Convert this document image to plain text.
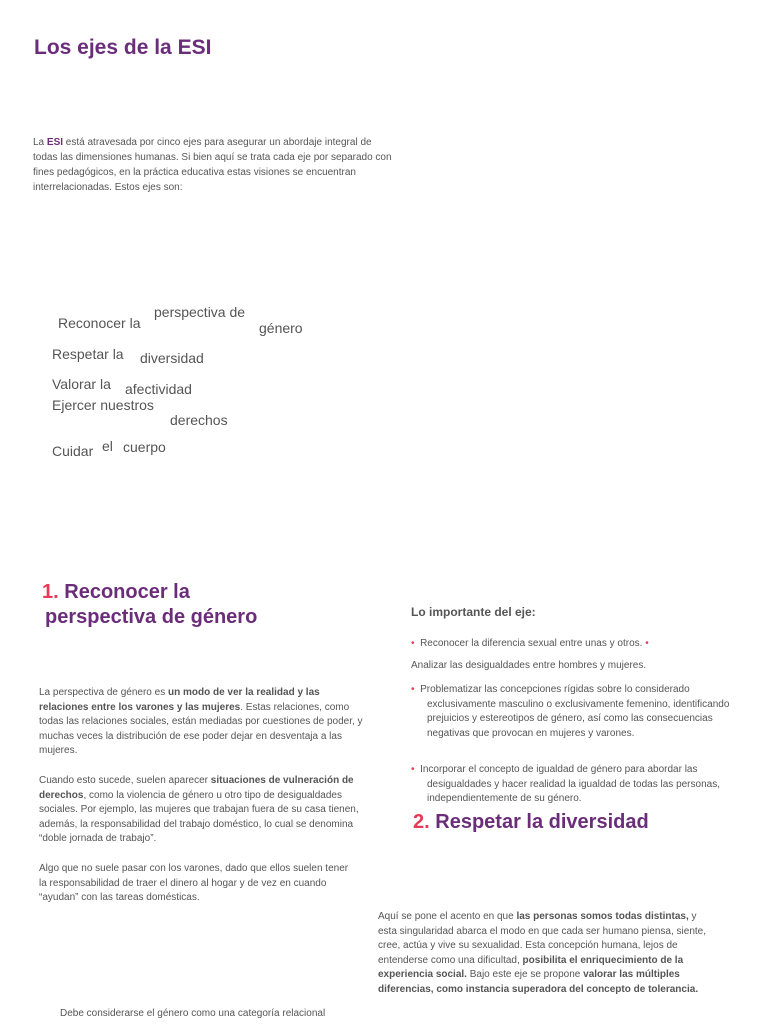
Los ejes de la ESI
La ESI está atravesada por cinco ejes para asegurar un abordaje integral de todas las dimensiones humanas. Si bien aquí se trata cada eje por separado con fines pedagógicos, en la práctica educativa estas visiones se encuentran interrelacionadas. Estos ejes son:
Reconocer la
perspectiva de
género
Respetar la diversidad
Valorar la afectividad
Ejercer nuestros
derechos
Cuidar el cuerpo
1. Reconocer la
perspectiva de género
La perspectiva de género es un modo de ver la realidad y las relaciones entre los varones y las mujeres. Estas relaciones, como todas las relaciones sociales, están mediadas por cuestiones de poder, y muchas veces la distribución de ese poder dejar en desventaja a las mujeres.
Cuando esto sucede, suelen aparecer situaciones de vulneración de derechos, como la violencia de género u otro tipo de desigualdades sociales. Por ejemplo, las mujeres que trabajan fuera de su casa tienen, además, la responsabilidad del trabajo doméstico, lo cual se denomina “doble jornada de trabajo”.
Algo que no suele pasar con los varones, dado que ellos suelen tener la responsabilidad de traer el dinero al hogar y de vez en cuando “ayudan” con las tareas domésticas.
Debe considerarse el género como una categoría relacional
Lo importante del eje:
• Reconocer la diferencia sexual entre unas y otros. •
Analizar las desigualdades entre hombres y mujeres.
• Problematizar las concepciones rígidas sobre lo considerado exclusivamente masculino o exclusivamente femenino, identificando prejuicios y estereotipos de género, así como las consecuencias negativas que provocan en mujeres y varones.
• Incorporar el concepto de igualdad de género para abordar las desigualdades y hacer realidad la igualdad de todas las personas, independientemente de su género.
2. Respetar la diversidad
Aquí se pone el acento en que las personas somos todas distintas, y esta singularidad abarca el modo en que cada ser humano piensa, siente, cree, actúa y vive su sexualidad. Esta concepción humana, lejos de entenderse como una dificultad, posibilita el enriquecimiento de la experiencia social. Bajo este eje se propone valorar las múltiples diferencias, como instancia superadora del concepto de tolerancia.
